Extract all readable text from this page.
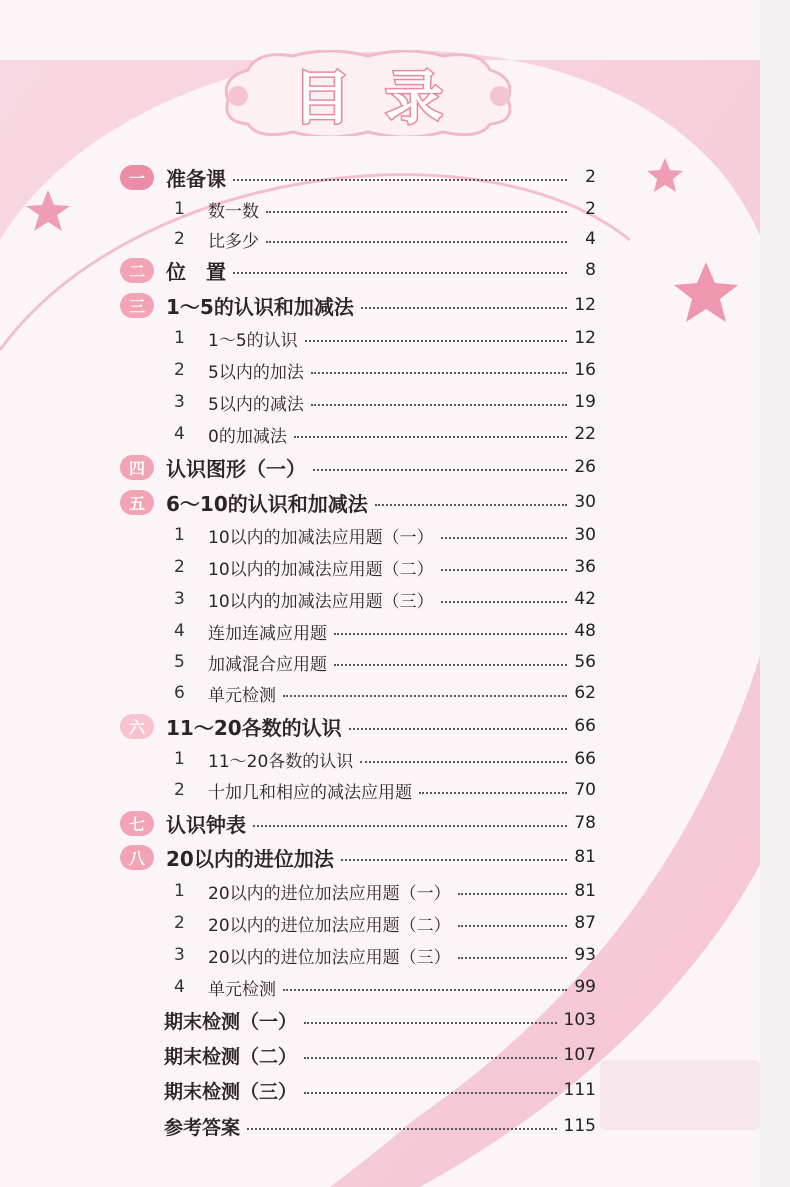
目录
一	准备课	2
1	数一数	2
2	比多少	4
二	位　置	8
三	1～5的认识和加减法	12
1	1～5的认识	12
2	5以内的加法	16
3	5以内的减法	19
4	0的加减法	22
四	认识图形（一）	26
五	6～10的认识和加减法	30
1	10以内的加减法应用题（一）	30
2	10以内的加减法应用题（二）	36
3	10以内的加减法应用题（三）	42
4	连加连减应用题	48
5	加减混合应用题	56
6	单元检测	62
六	11～20各数的认识	66
1	11～20各数的认识	66
2	十加几和相应的减法应用题	70
七	认识钟表	78
八	20以内的进位加法	81
1	20以内的进位加法应用题（一）	81
2	20以内的进位加法应用题（二）	87
3	20以内的进位加法应用题（三）	93
4	单元检测	99
期末检测（一）	103
期末检测（二）	107
期末检测（三）	111
参考答案	115
